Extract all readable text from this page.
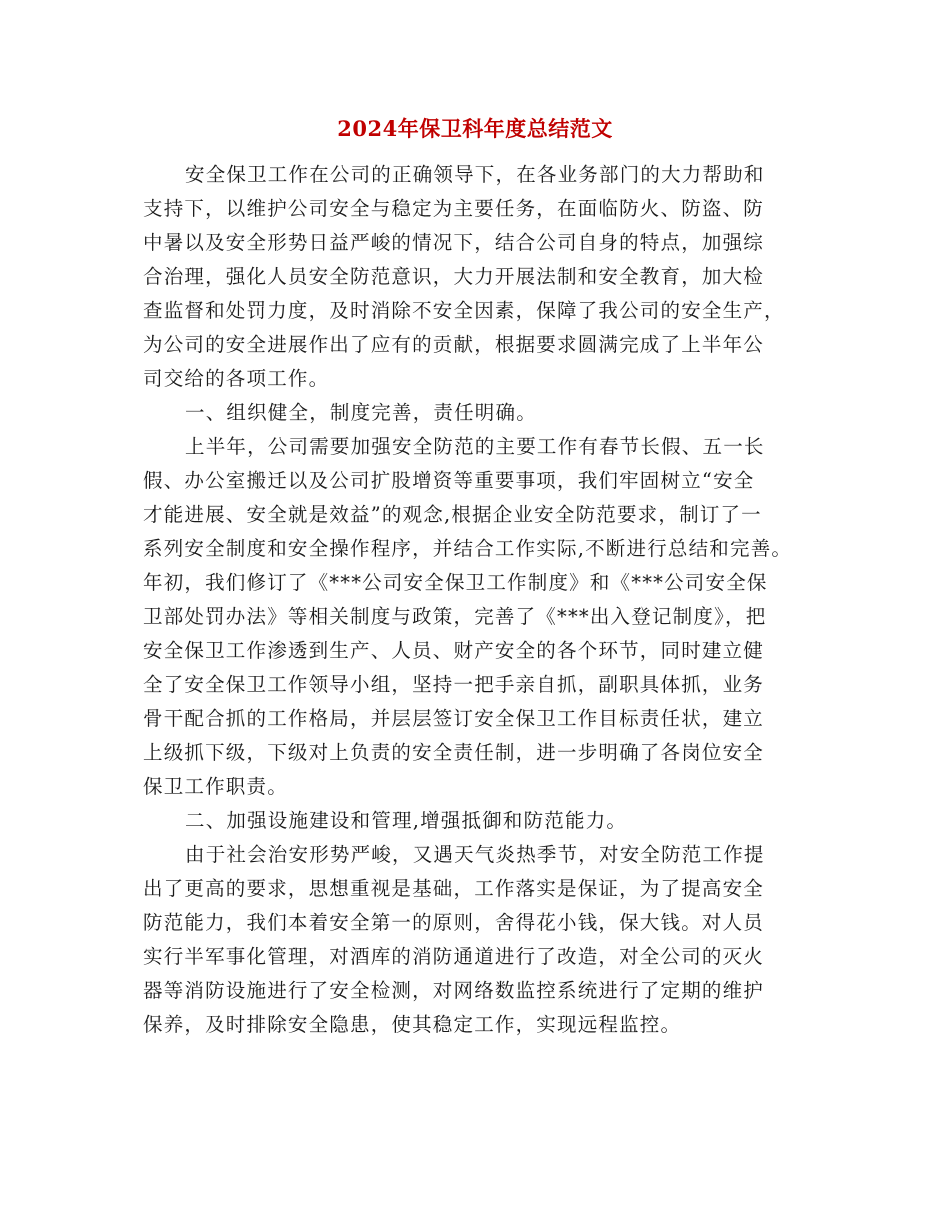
2024年保卫科年度总结范文
安全保卫工作在公司的正确领导下，在各业务部门的大力帮助和
支持下，以维护公司安全与稳定为主要任务，在面临防火、防盗、防
中暑以及安全形势日益严峻的情况下，结合公司自身的特点，加强综
合治理，强化人员安全防范意识，大力开展法制和安全教育，加大检
查监督和处罚力度，及时消除不安全因素，保障了我公司的安全生产，
为公司的安全进展作出了应有的贡献，根据要求圆满完成了上半年公
司交给的各项工作。
一、组织健全，制度完善，责任明确。
上半年，公司需要加强安全防范的主要工作有春节长假、五一长
假、办公室搬迁以及公司扩股增资等重要事项，我们牢固树立“安全
才能进展、安全就是效益”的观念,根据企业安全防范要求，制订了一
系列安全制度和安全操作程序，并结合工作实际,不断进行总结和完善。
年初，我们修订了《***公司安全保卫工作制度》和《***公司安全保
卫部处罚办法》等相关制度与政策，完善了《***出入登记制度》，把
安全保卫工作渗透到生产、人员、财产安全的各个环节，同时建立健
全了安全保卫工作领导小组，坚持一把手亲自抓，副职具体抓，业务
骨干配合抓的工作格局，并层层签订安全保卫工作目标责任状，建立
上级抓下级，下级对上负责的安全责任制，进一步明确了各岗位安全
保卫工作职责。
二、加强设施建设和管理,增强抵御和防范能力。
由于社会治安形势严峻，又遇天气炎热季节，对安全防范工作提
出了更高的要求，思想重视是基础，工作落实是保证，为了提高安全
防范能力，我们本着安全第一的原则，舍得花小钱，保大钱。对人员
实行半军事化管理，对酒库的消防通道进行了改造，对全公司的灭火
器等消防设施进行了安全检测，对网络数监控系统进行了定期的维护
保养，及时排除安全隐患，使其稳定工作，实现远程监控。
